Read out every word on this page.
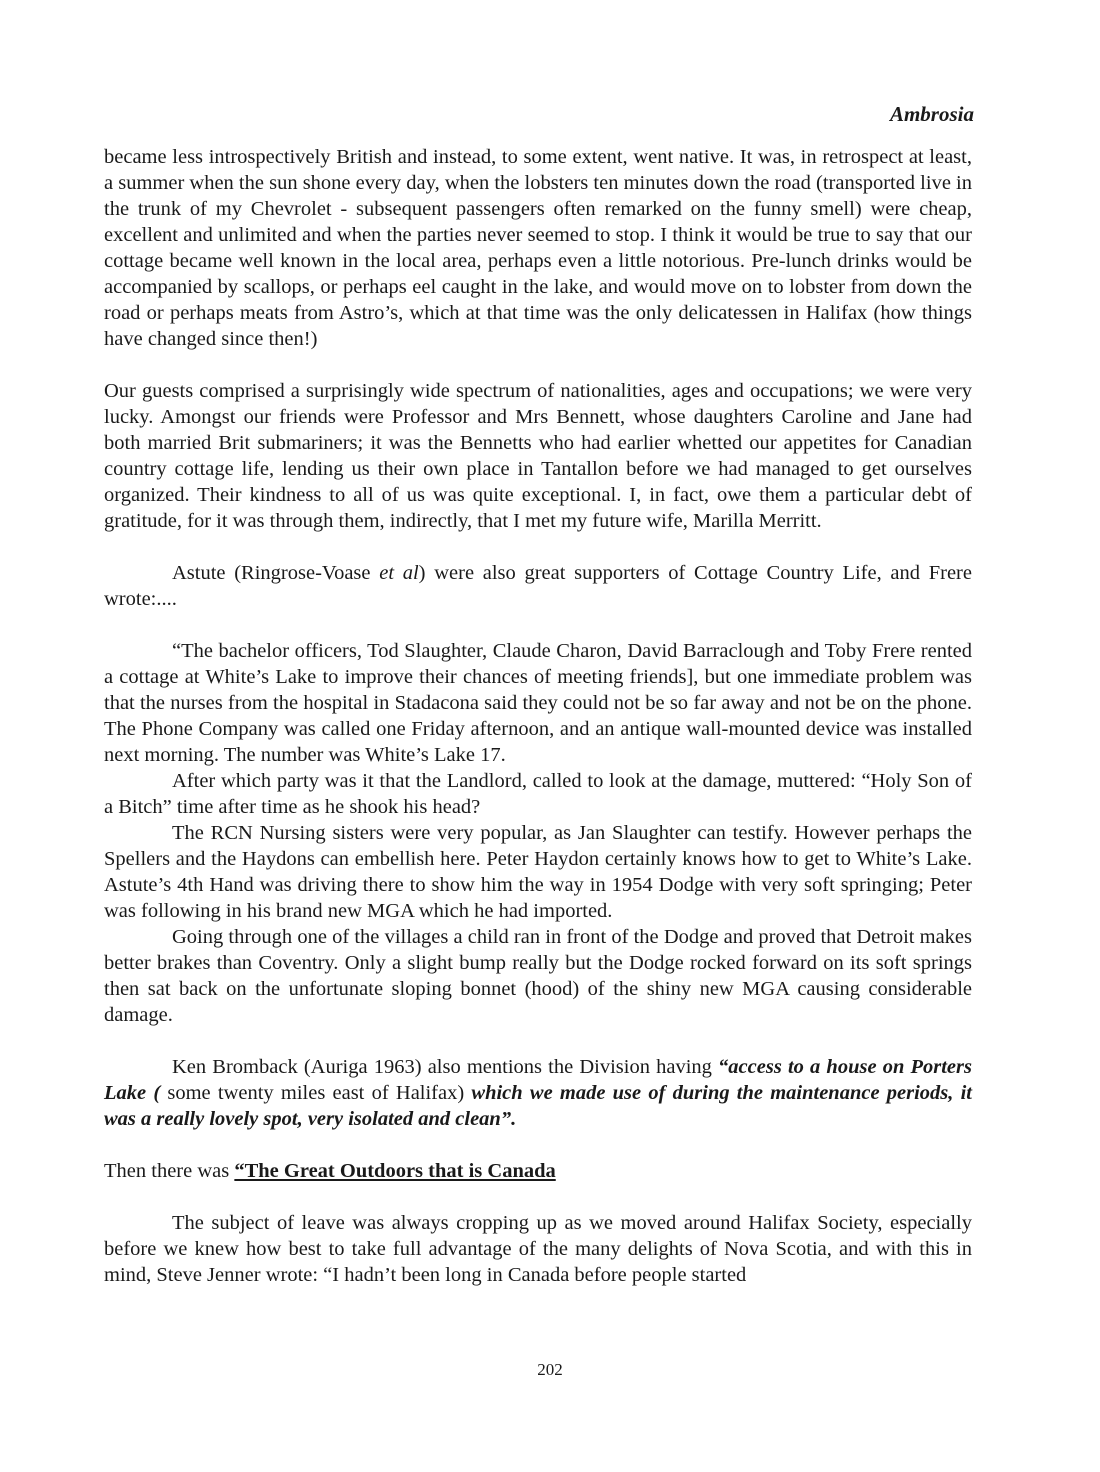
Ambrosia

became less introspectively British and instead, to some extent, went native. It was, in retrospect at least, a summer when the sun shone every day, when the lobsters ten minutes down the road (transported live in the trunk of my Chevrolet - subsequent passengers often remarked on the funny smell) were cheap, excellent and unlimited and when the parties never seemed to stop. I think it would be true to say that our cottage became well known in the local area, perhaps even a little notorious. Pre-lunch drinks would be accompanied by scallops, or perhaps eel caught in the lake, and would move on to lobster from down the road or perhaps meats from Astro’s, which at that time was the only delicatessen in Halifax (how things have changed since then!)

Our guests comprised a surprisingly wide spectrum of nationalities, ages and occupations; we were very lucky. Amongst our friends were Professor and Mrs Bennett, whose daughters Caroline and Jane had both married Brit submariners; it was the Bennetts who had earlier whetted our appetites for Canadian country cottage life, lending us their own place in Tantallon before we had managed to get ourselves organized. Their kindness to all of us was quite exceptional. I, in fact, owe them a particular debt of gratitude, for it was through them, indirectly, that I met my future wife, Marilla Merritt.

Astute (Ringrose-Voase et al) were also great supporters of Cottage Country Life, and Frere wrote:....

“The bachelor officers, Tod Slaughter, Claude Charon, David Barraclough and Toby Frere rented a cottage at White’s Lake to improve their chances of meeting friends], but one immediate problem was that the nurses from the hospital in Stadacona said they could not be so far away and not be on the phone. The Phone Company was called one Friday afternoon, and an antique wall-mounted device was installed next morning. The number was White’s Lake 17.

After which party was it that the Landlord, called to look at the damage, muttered: “Holy Son of a Bitch” time after time as he shook his head?

The RCN Nursing sisters were very popular, as Jan Slaughter can testify. However perhaps the Spellers and the Haydons can embellish here. Peter Haydon certainly knows how to get to White’s Lake. Astute’s 4th Hand was driving there to show him the way in 1954 Dodge with very soft springing; Peter was following in his brand new MGA which he had imported.

Going through one of the villages a child ran in front of the Dodge and proved that Detroit makes better brakes than Coventry. Only a slight bump really but the Dodge rocked forward on its soft springs then sat back on the unfortunate sloping bonnet (hood) of the shiny new MGA causing considerable damage.

Ken Bromback (Auriga 1963) also mentions the Division having “access to a house on Porters Lake ( some twenty miles east of Halifax) which we made use of during the maintenance periods, it was a really lovely spot, very isolated and clean”.

Then there was “The Great Outdoors that is Canada

The subject of leave was always cropping up as we moved around Halifax Society, especially before we knew how best to take full advantage of the many delights of Nova Scotia, and with this in mind, Steve Jenner wrote: “I hadn’t been long in Canada before people started

202
